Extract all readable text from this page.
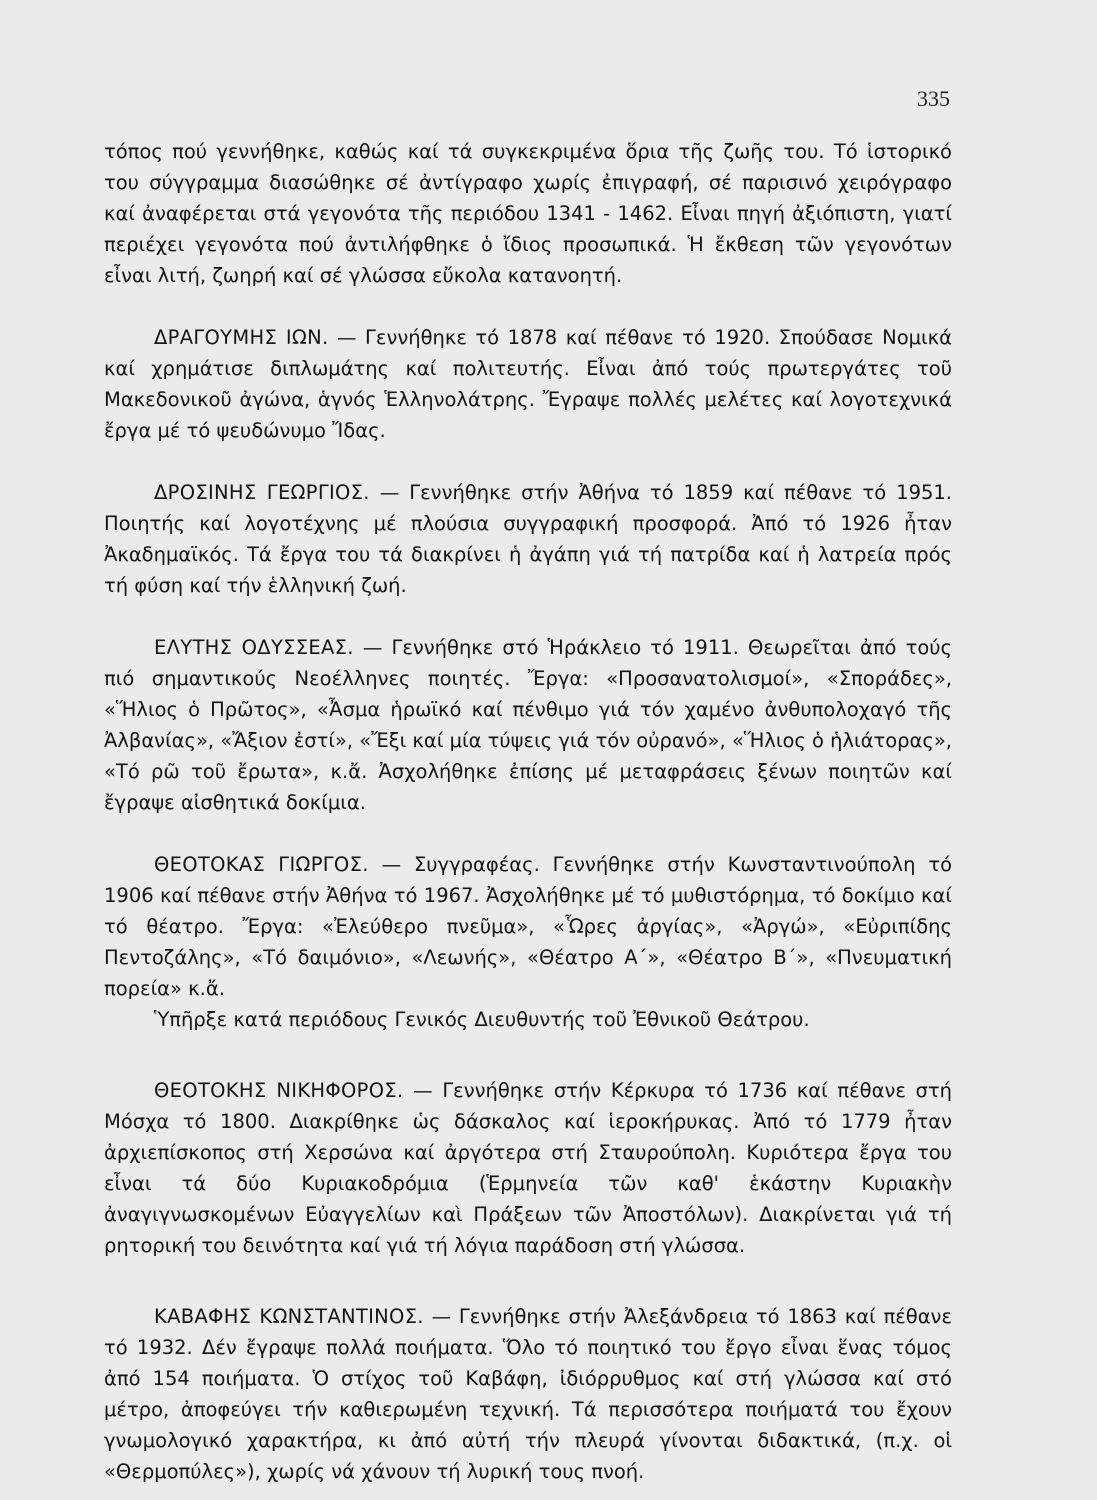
335

τόπος πού γεννήθηκε, καθώς καί τά συγκεκριμένα ὅρια τῆς ζωῆς του. Τό ἱστορικό του σύγγραμμα διασώθηκε σέ ἀντίγραφο χωρίς ἐπιγραφή, σέ παρισινό χειρόγραφο καί ἀναφέρεται στά γεγονότα τῆς περιόδου 1341 - 1462. Εἶναι πηγή ἀξιόπιστη, γιατί περιέχει γεγονότα πού ἀντιλήφθηκε ὁ ἴδιος προσωπικά. Ἡ ἔκθεση τῶν γεγονότων εἶναι λιτή, ζωηρή καί σέ γλώσσα εὔκολα κατανοητή.

ΔΡΑΓΟΥΜΗΣ ΙΩΝ. — Γεννήθηκε τό 1878 καί πέθανε τό 1920. Σπούδασε Νομικά καί χρημάτισε διπλωμάτης καί πολιτευτής. Εἶναι ἀπό τούς πρωτεργάτες τοῦ Μακεδονικοῦ ἀγώνα, ἁγνός Ἑλληνολάτρης. Ἔγραψε πολλές μελέτες καί λογοτεχνικά ἔργα μέ τό ψευδώνυμο Ἴδας.

ΔΡΟΣΙΝΗΣ ΓΕΩΡΓΙΟΣ. — Γεννήθηκε στήν Ἀθήνα τό 1859 καί πέθανε τό 1951. Ποιητής καί λογοτέχνης μέ πλούσια συγγραφική προσφορά. Ἀπό τό 1926 ἦταν Ἀκαδημαϊκός. Τά ἔργα του τά διακρίνει ἡ ἀγάπη γιά τή πατρίδα καί ἡ λατρεία πρός τή φύση καί τήν ἑλληνική ζωή.

ΕΛΥΤΗΣ ΟΔΥΣΣΕΑΣ. — Γεννήθηκε στό Ἡράκλειο τό 1911. Θεωρεῖται ἀπό τούς πιό σημαντικούς Νεοέλληνες ποιητές. Ἔργα: «Προσανατολισμοί», «Σποράδες», «Ἥλιος ὁ Πρῶτος», «Ἆσμα ἡρωϊκό καί πένθιμο γιά τόν χαμένο ἀνθυπολοχαγό τῆς Ἀλβανίας», «Ἄξιον ἐστί», «Ἔξι καί μία τύψεις γιά τόν οὐρανό», «Ἥλιος ὁ ἡλιάτορας», «Τό ρῶ τοῦ ἔρωτα», κ.ἄ. Ἀσχολήθηκε ἐπίσης μέ μεταφράσεις ξένων ποιητῶν καί ἔγραψε αἰσθητικά δοκίμια.

ΘΕΟΤΟΚΑΣ ΓΙΩΡΓΟΣ. — Συγγραφέας. Γεννήθηκε στήν Κωνσταντινούπολη τό 1906 καί πέθανε στήν Ἀθήνα τό 1967. Ἀσχολήθηκε μέ τό μυθιστόρημα, τό δοκίμιο καί τό θέατρο. Ἔργα: «Ἐλεύθερο πνεῦμα», «Ὧρες ἀργίας», «Ἀργώ», «Εὐριπίδης Πεντοζάλης», «Τό δαιμόνιο», «Λεωνής», «Θέατρο Α΄», «Θέατρο Β΄», «Πνευματική πορεία» κ.ἄ.

Ὑπῆρξε κατά περιόδους Γενικός Διευθυντής τοῦ Ἐθνικοῦ Θεάτρου.

ΘΕΟΤΟΚΗΣ ΝΙΚΗΦΟΡΟΣ. — Γεννήθηκε στήν Κέρκυρα τό 1736 καί πέθανε στή Μόσχα τό 1800. Διακρίθηκε ὡς δάσκαλος καί ἱεροκήρυκας. Ἀπό τό 1779 ἦταν ἀρχιεπίσκοπος στή Χερσώνα καί ἀργότερα στή Σταυρούπολη. Κυριότερα ἔργα του εἶναι τά δύο Κυριακοδρόμια (Ἑρμηνεία τῶν καθ' ἑκάστην Κυριακὴν ἀναγιγνωσκομένων Εὐαγγελίων καὶ Πράξεων τῶν Ἀποστόλων). Διακρίνεται γιά τή ρητορική του δεινότητα καί γιά τή λόγια παράδοση στή γλώσσα.

ΚΑΒΑΦΗΣ ΚΩΝΣΤΑΝΤΙΝΟΣ. — Γεννήθηκε στήν Ἀλεξάνδρεια τό 1863 καί πέθανε τό 1932. Δέν ἔγραψε πολλά ποιήματα. Ὅλο τό ποιητικό του ἔργο εἶναι ἕνας τόμος ἀπό 154 ποιήματα. Ὁ στίχος τοῦ Καβάφη, ἰδιόρρυθμος καί στή γλώσσα καί στό μέτρο, ἀποφεύγει τήν καθιερωμένη τεχνική. Τά περισσότερα ποιήματά του ἔχουν γνωμολογικό χαρακτήρα, κι ἀπό αὐτή τήν πλευρά γίνονται διδακτικά, (π.χ. οἱ «Θερμοπύλες»), χωρίς νά χάνουν τή λυρική τους πνοή.
